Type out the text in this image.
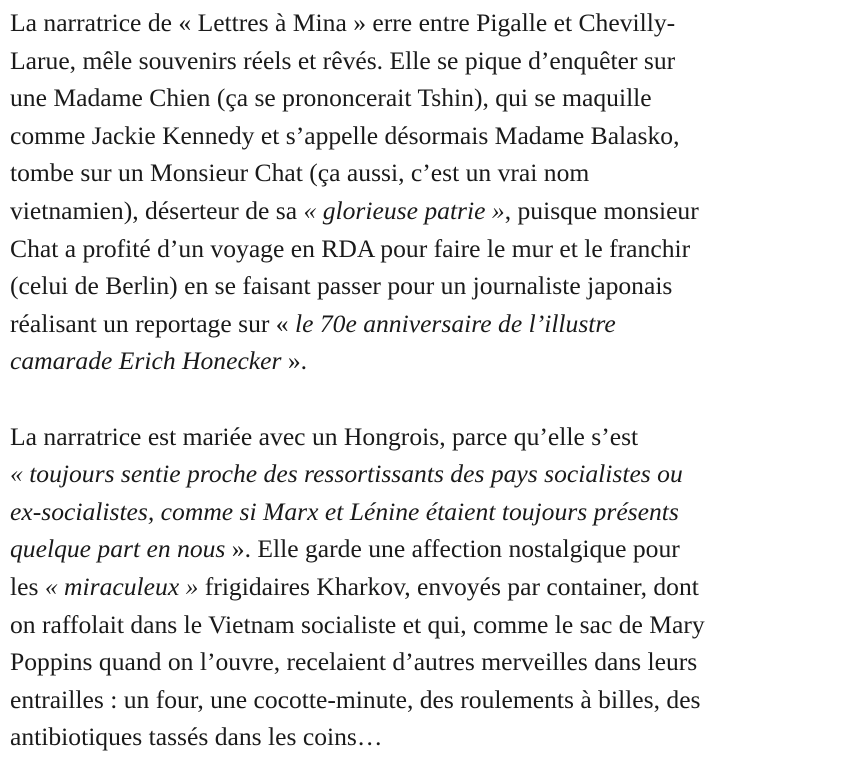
La narratrice de « Lettres à Mina » erre entre Pigalle et Chevilly-
Larue, mêle souvenirs réels et rêvés. Elle se pique d’enquêter sur
une Madame Chien (ça se prononcerait Tshin), qui se maquille
comme Jackie Kennedy et s’appelle désormais Madame Balasko,
tombe sur un Monsieur Chat (ça aussi, c’est un vrai nom
vietnamien), déserteur de sa « glorieuse patrie », puisque monsieur
Chat a profité d’un voyage en RDA pour faire le mur et le franchir
(celui de Berlin) en se faisant passer pour un journaliste japonais
réalisant un reportage sur « le 70e anniversaire de l’illustre
camarade Erich Honecker ».

La narratrice est mariée avec un Hongrois, parce qu’elle s’est
« toujours sentie proche des ressortissants des pays socialistes ou
ex-socialistes, comme si Marx et Lénine étaient toujours présents
quelque part en nous ». Elle garde une affection nostalgique pour
les « miraculeux » frigidaires Kharkov, envoyés par container, dont
on raffolait dans le Vietnam socialiste et qui, comme le sac de Mary
Poppins quand on l’ouvre, recelaient d’autres merveilles dans leurs
entrailles : un four, une cocotte-minute, des roulements à billes, des
antibiotiques tassés dans les coins…
